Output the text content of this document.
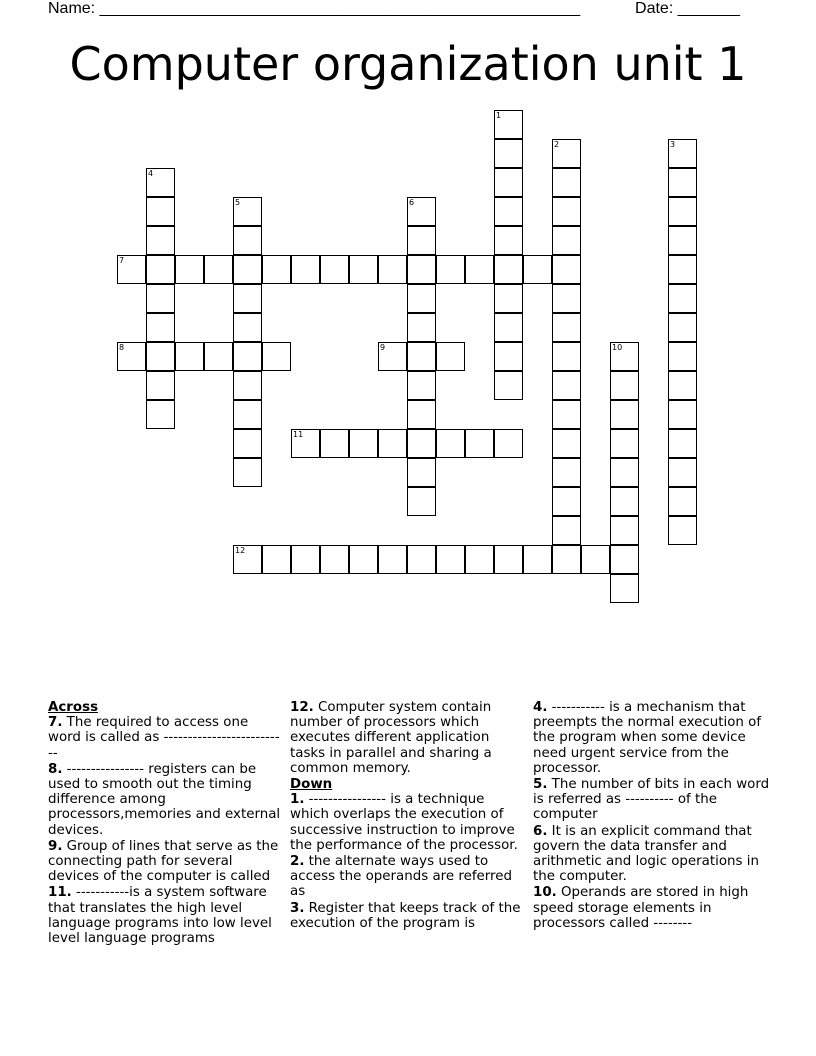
Name: ______________________________________________________	Date: _______
Computer organization unit 1
1
2	3
4
5	6
7
8	9	10
11
12
Across
7. The required to access one word is called as --------------------------
8. ---------------- registers can be used to smooth out the timing difference among processors,memories and external devices.
9. Group of lines that serve as the connecting path for several devices of the computer is called
11. -----------is a system software that translates the high level language programs into low level level language programs
12. Computer system contain number of processors which executes different application tasks in parallel and sharing a common memory.
Down
1. ---------------- is a technique which overlaps the execution of successive instruction to improve the performance of the processor.
2. the alternate ways used to access the operands are referred as
3. Register that keeps track of the execution of the program is
4. ----------- is a mechanism that preempts the normal execution of the program when some device need urgent service from the processor.
5. The number of bits in each word is referred as ---------- of the computer
6. It is an explicit command that govern the data transfer and arithmetic and logic operations in the computer.
10. Operands are stored in high speed storage elements in processors called --------
